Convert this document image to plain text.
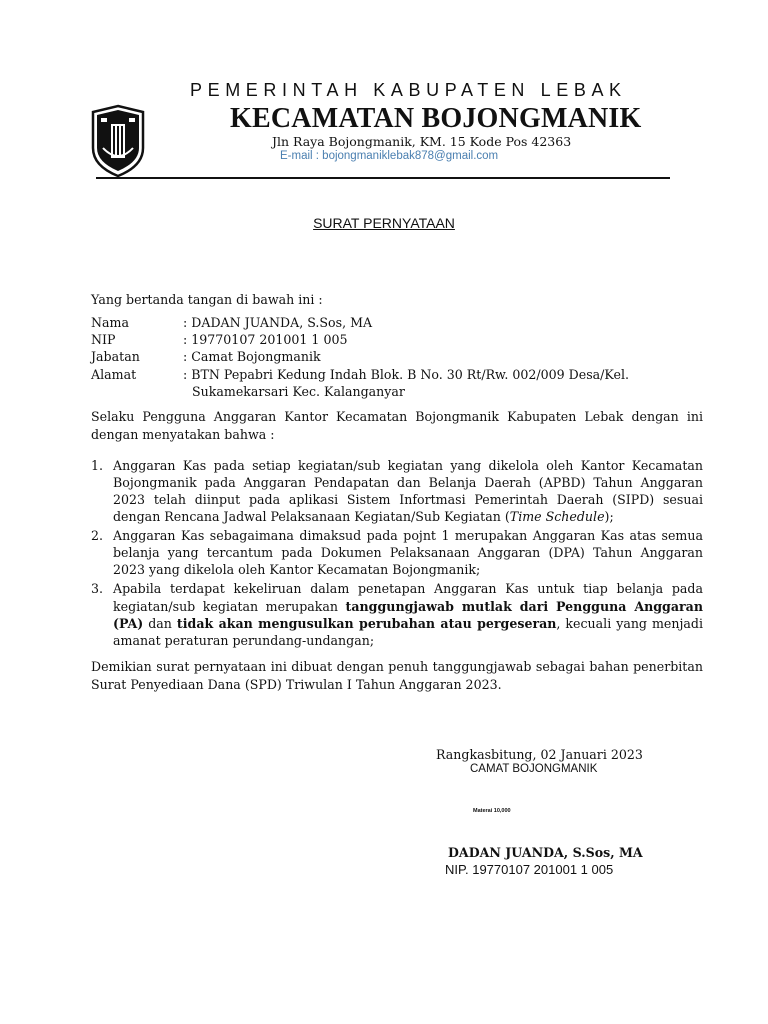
PEMERINTAH KABUPATEN LEBAK
KECAMATAN BOJONGMANIK
Jln Raya Bojongmanik, KM. 15 Kode Pos 42363
E-mail : bojongmaniklebak878@gmail.com
SURAT PERNYATAAN
Yang bertanda tangan di bawah ini :
Nama	: DADAN JUANDA, S.Sos, MA
NIP	: 19770107 201001 1 005
Jabatan	: Camat Bojongmanik
Alamat	: BTN Pepabri Kedung Indah Blok. B No. 30 Rt/Rw. 002/009 Desa/Kel.
Sukamekarsari Kec. Kalanganyar
Selaku Pengguna Anggaran Kantor Kecamatan Bojongmanik Kabupaten Lebak dengan ini
dengan menyatakan bahwa :
1. Anggaran Kas pada setiap kegiatan/sub kegiatan yang dikelola oleh Kantor Kecamatan
Bojongmanik pada Anggaran Pendapatan dan Belanja Daerah (APBD) Tahun Anggaran
2023 telah diinput pada aplikasi Sistem Infortmasi Pemerintah Daerah (SIPD) sesuai
dengan Rencana Jadwal Pelaksanaan Kegiatan/Sub Kegiatan (Time Schedule);
2. Anggaran Kas sebagaimana dimaksud pada pojnt 1 merupakan Anggaran Kas atas semua
belanja yang tercantum pada Dokumen Pelaksanaan Anggaran (DPA) Tahun Anggaran
2023 yang dikelola oleh Kantor Kecamatan Bojongmanik;
3. Apabila terdapat kekeliruan dalam penetapan Anggaran Kas untuk tiap belanja pada
kegiatan/sub kegiatan merupakan tanggungjawab mutlak dari Pengguna Anggaran
(PA) dan tidak akan mengusulkan perubahan atau pergeseran, kecuali yang menjadi
amanat peraturan perundang-undangan;
Demikian surat pernyataan ini dibuat dengan penuh tanggungjawab sebagai bahan penerbitan
Surat Penyediaan Dana (SPD) Triwulan I Tahun Anggaran 2023.
Rangkasbitung, 02 Januari 2023
CAMAT BOJONGMANIK
Materai 10,000
DADAN JUANDA, S.Sos, MA
NIP. 19770107 201001 1 005
